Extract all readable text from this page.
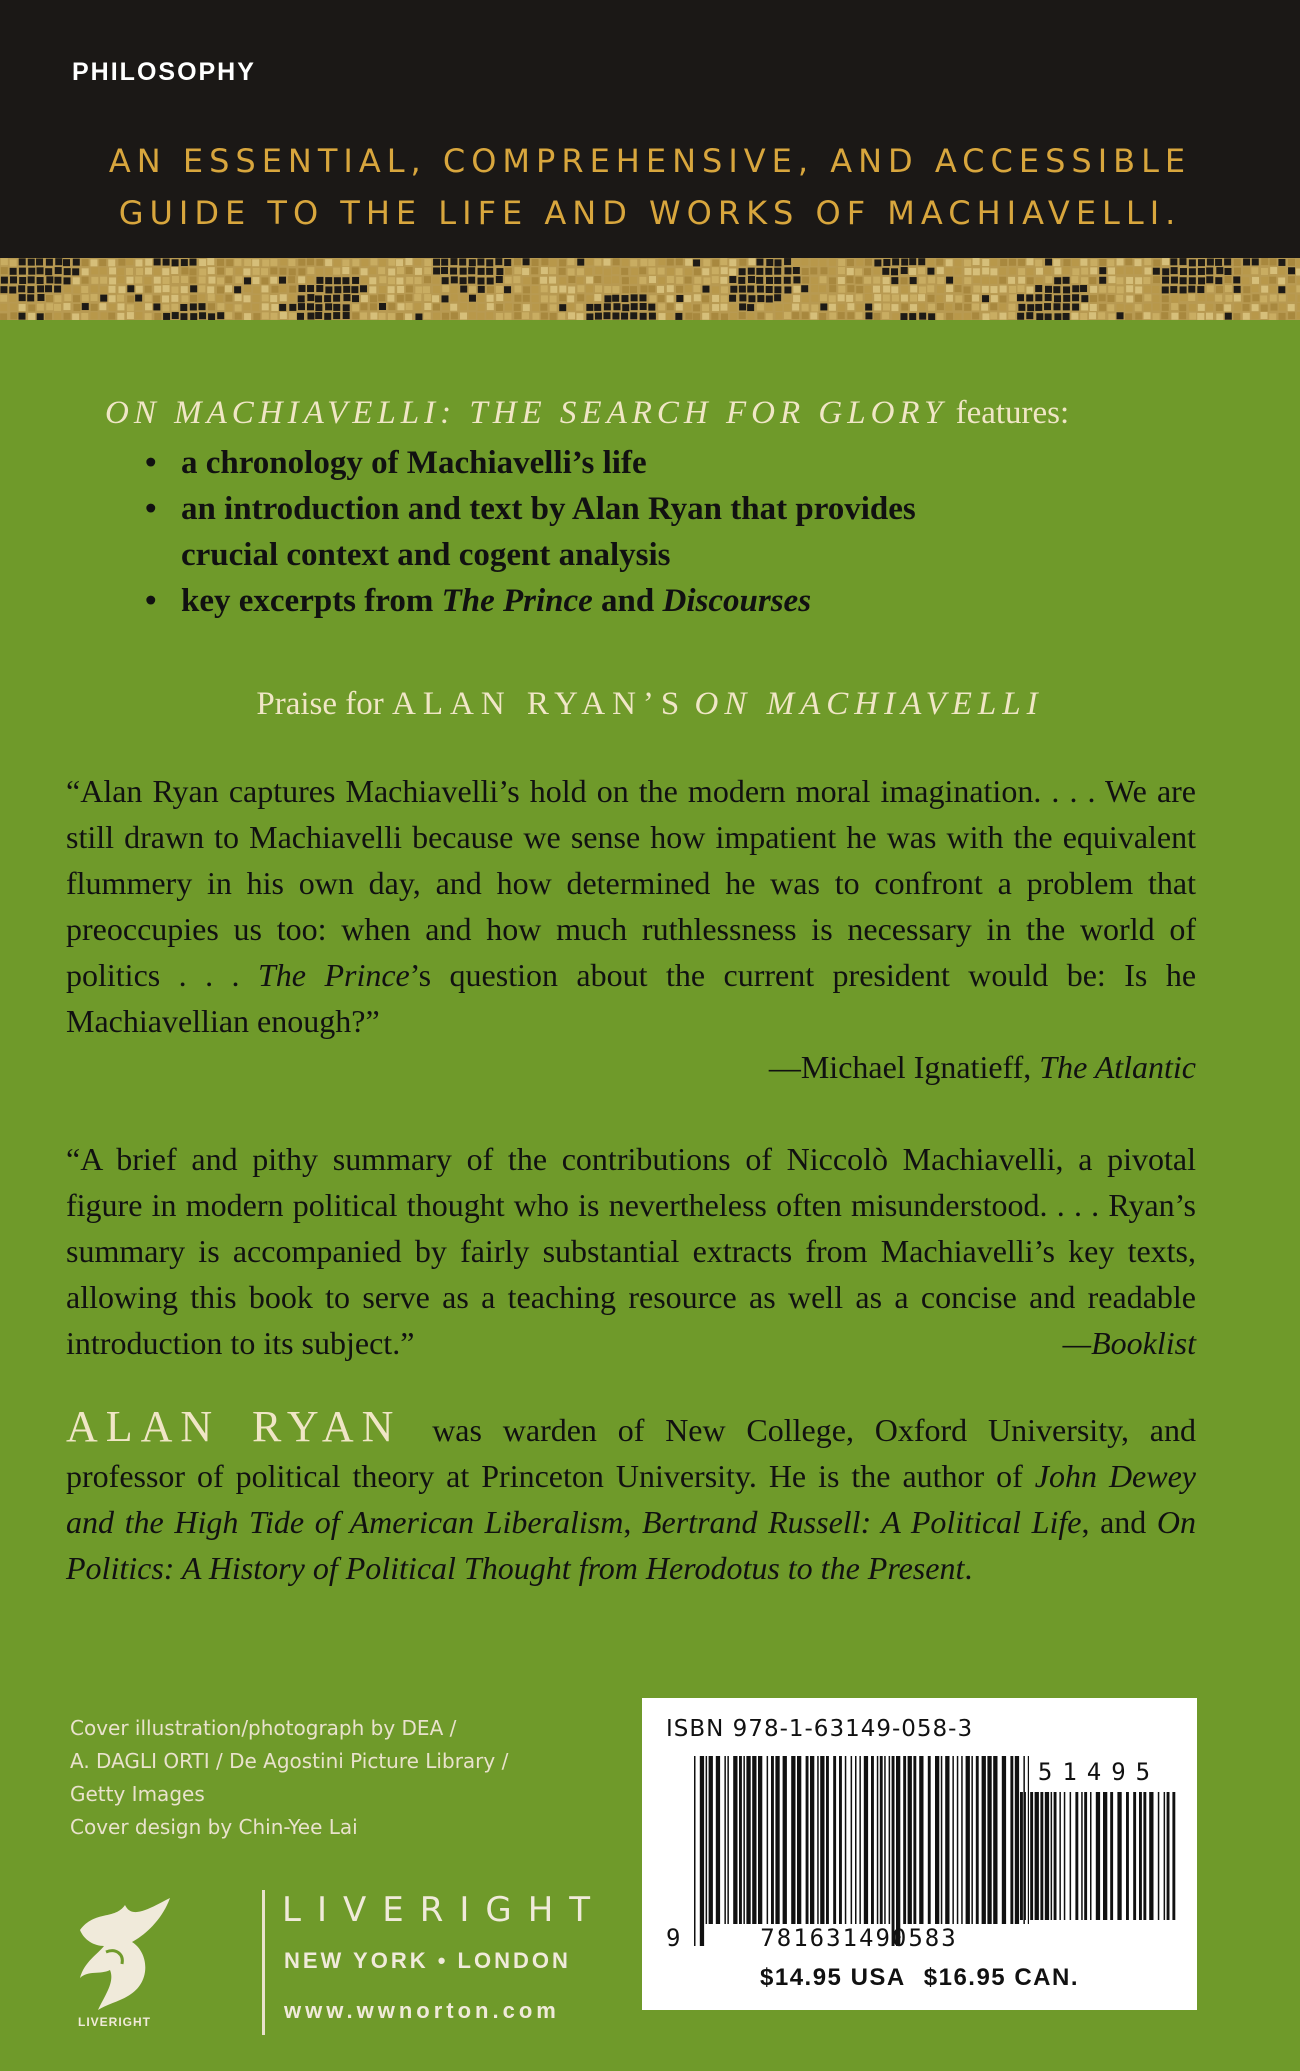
PHILOSOPHY
AN ESSENTIAL, COMPREHENSIVE, AND ACCESSIBLE
GUIDE TO THE LIFE AND WORKS OF MACHIAVELLI.
ON MACHIAVELLI: THE SEARCH FOR GLORY features:
• a chronology of Machiavelli’s life
• an introduction and text by Alan Ryan that provides
crucial context and cogent analysis
• key excerpts from The Prince and Discourses
Praise for ALAN RYAN’S ON MACHIAVELLI
“Alan Ryan captures Machiavelli’s hold on the modern moral imagination. . . . We are still drawn to Machiavelli because we sense how impatient he was with the equivalent flummery in his own day, and how determined he was to confront a problem that preoccupies us too: when and how much ruthlessness is necessary in the world of politics . . . The Prince’s question about the current president would be: Is he Machiavellian enough?”
—Michael Ignatieff, The Atlantic
“A brief and pithy summary of the contributions of Niccolò Machiavelli, a pivotal figure in modern political thought who is nevertheless often misunderstood. . . . Ryan’s summary is accompanied by fairly substantial extracts from Machiavelli’s key texts, allowing this book to serve as a teaching resource as well as a concise and readable introduction to its subject.”	—Booklist
ALAN RYAN was warden of New College, Oxford University, and professor of political theory at Princeton University. He is the author of John Dewey and the High Tide of American Liberalism, Bertrand Russell: A Political Life, and On Politics: A History of Political Thought from Herodotus to the Present.
Cover illustration/photograph by DEA /
A. DAGLI ORTI / De Agostini Picture Library /
Getty Images
Cover design by Chin-Yee Lai
LIVERIGHT
LIVERIGHT
NEW YORK • LONDON
www.wwnorton.com
ISBN 978-1-63149-058-3
51495
9	781631490583
$14.95 USA $16.95 CAN.
